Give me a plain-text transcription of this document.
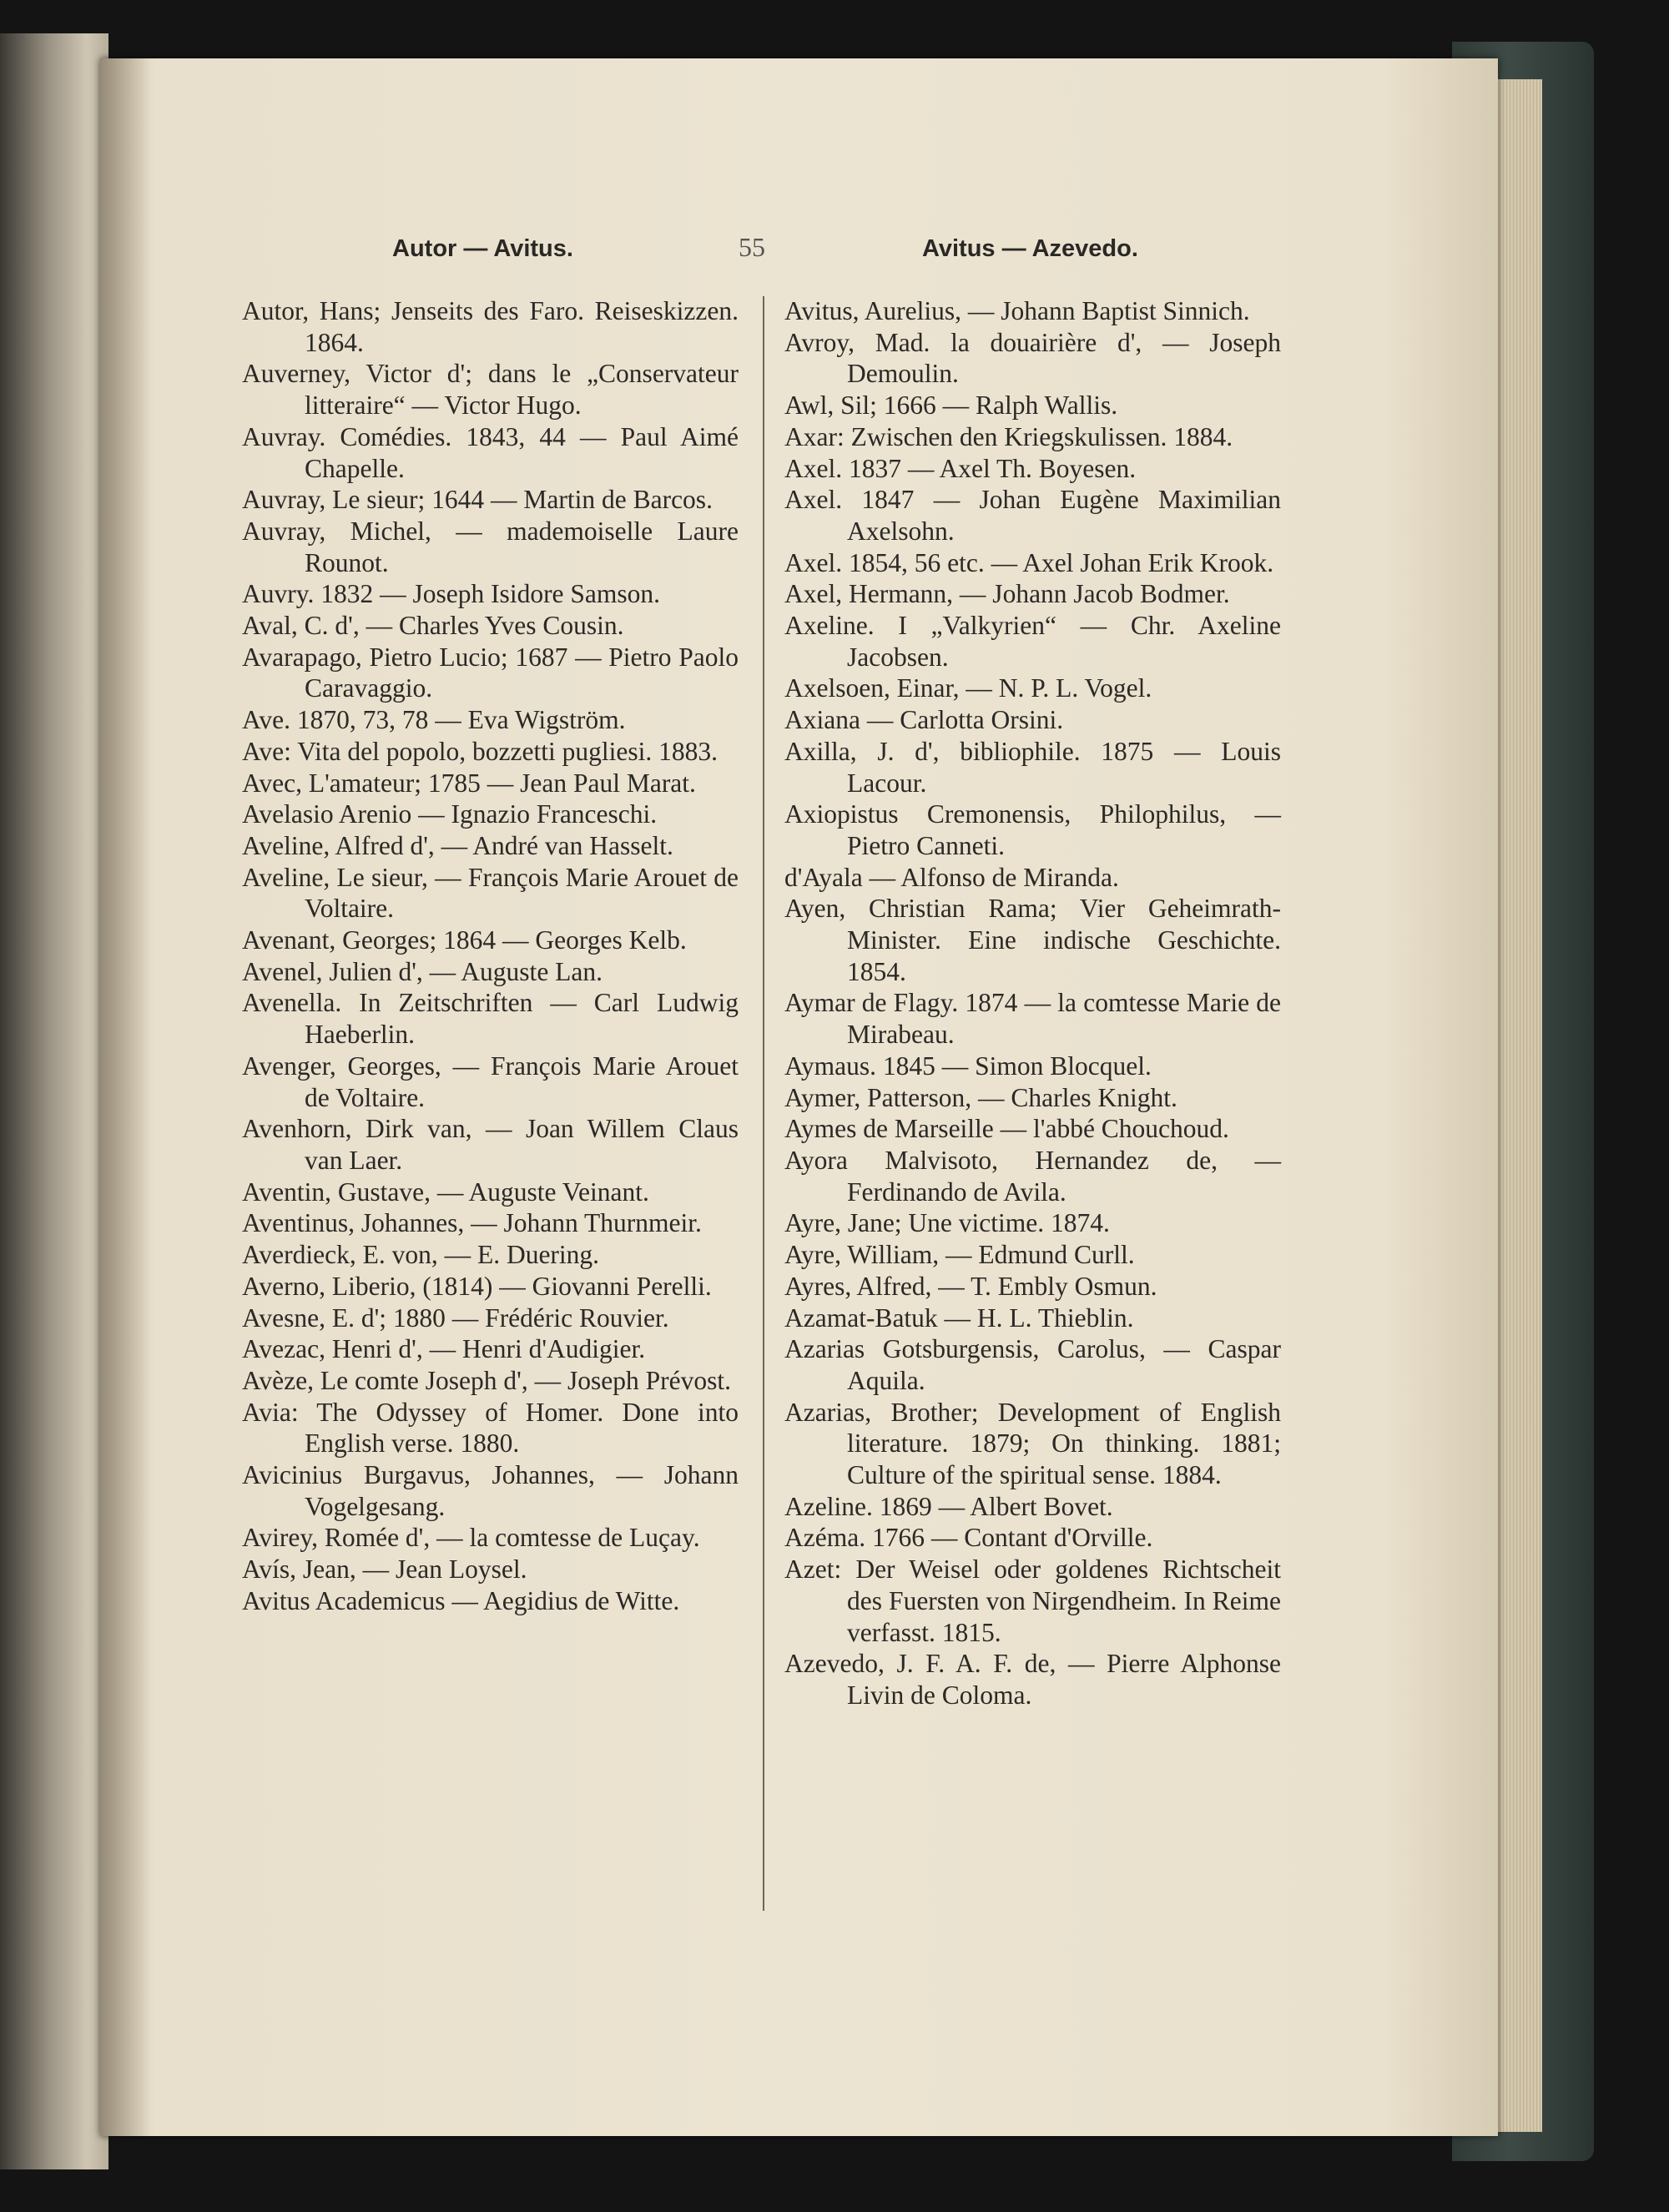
Autor — Avitus.	55	Avitus — Azevedo.
Autor, Hans; Jenseits des Faro. Reiseskizzen. 1864.
Auverney, Victor d'; dans le „Conservateur litteraire“ — Victor Hugo.
Auvray. Comédies. 1843, 44 — Paul Aimé Chapelle.
Auvray, Le sieur; 1644 — Martin de Barcos.
Auvray, Michel, — mademoiselle Laure Rounot.
Auvry. 1832 — Joseph Isidore Samson.
Aval, C. d', — Charles Yves Cousin.
Avarapago, Pietro Lucio; 1687 — Pietro Paolo Caravaggio.
Ave. 1870, 73, 78 — Eva Wigström.
Ave: Vita del popolo, bozzetti pugliesi. 1883.
Avec, L'amateur; 1785 — Jean Paul Marat.
Avelasio Arenio — Ignazio Franceschi.
Aveline, Alfred d', — André van Hasselt.
Aveline, Le sieur, — François Marie Arouet de Voltaire.
Avenant, Georges; 1864 — Georges Kelb.
Avenel, Julien d', — Auguste Lan.
Avenella. In Zeitschriften — Carl Ludwig Haeberlin.
Avenger, Georges, — François Marie Arouet de Voltaire.
Avenhorn, Dirk van, — Joan Willem Claus van Laer.
Aventin, Gustave, — Auguste Veinant.
Aventinus, Johannes, — Johann Thurnmeir.
Averdieck, E. von, — E. Duering.
Averno, Liberio, (1814) — Giovanni Perelli.
Avesne, E. d'; 1880 — Frédéric Rouvier.
Avezac, Henri d', — Henri d'Audigier.
Avèze, Le comte Joseph d', — Joseph Prévost.
Avia: The Odyssey of Homer. Done into English verse. 1880.
Avicinius Burgavus, Johannes, — Johann Vogelgesang.
Avirey, Romée d', — la comtesse de Luçay.
Avís, Jean, — Jean Loysel.
Avitus Academicus — Aegidius de Witte.
Avitus, Aurelius, — Johann Baptist Sinnich.
Avroy, Mad. la douairière d', — Joseph Demoulin.
Awl, Sil; 1666 — Ralph Wallis.
Axar: Zwischen den Kriegskulissen. 1884.
Axel. 1837 — Axel Th. Boyesen.
Axel. 1847 — Johan Eugène Maximilian Axelsohn.
Axel. 1854, 56 etc. — Axel Johan Erik Krook.
Axel, Hermann, — Johann Jacob Bodmer.
Axeline. I „Valkyrien“ — Chr. Axeline Jacobsen.
Axelsoen, Einar, — N. P. L. Vogel.
Axiana — Carlotta Orsini.
Axilla, J. d', bibliophile. 1875 — Louis Lacour.
Axiopistus Cremonensis, Philophilus, — Pietro Canneti.
d'Ayala — Alfonso de Miranda.
Ayen, Christian Rama; Vier Geheimrath-Minister. Eine indische Geschichte. 1854.
Aymar de Flagy. 1874 — la comtesse Marie de Mirabeau.
Aymaus. 1845 — Simon Blocquel.
Aymer, Patterson, — Charles Knight.
Aymes de Marseille — l'abbé Chouchoud.
Ayora Malvisoto, Hernandez de, — Ferdinando de Avila.
Ayre, Jane; Une victime. 1874.
Ayre, William, — Edmund Curll.
Ayres, Alfred, — T. Embly Osmun.
Azamat-Batuk — H. L. Thieblin.
Azarias Gotsburgensis, Carolus, — Caspar Aquila.
Azarias, Brother; Development of English literature. 1879; On thinking. 1881; Culture of the spiritual sense. 1884.
Azeline. 1869 — Albert Bovet.
Azéma. 1766 — Contant d'Orville.
Azet: Der Weisel oder goldenes Richtscheit des Fuersten von Nirgendheim. In Reime verfasst. 1815.
Azevedo, J. F. A. F. de, — Pierre Alphonse Livin de Coloma.
